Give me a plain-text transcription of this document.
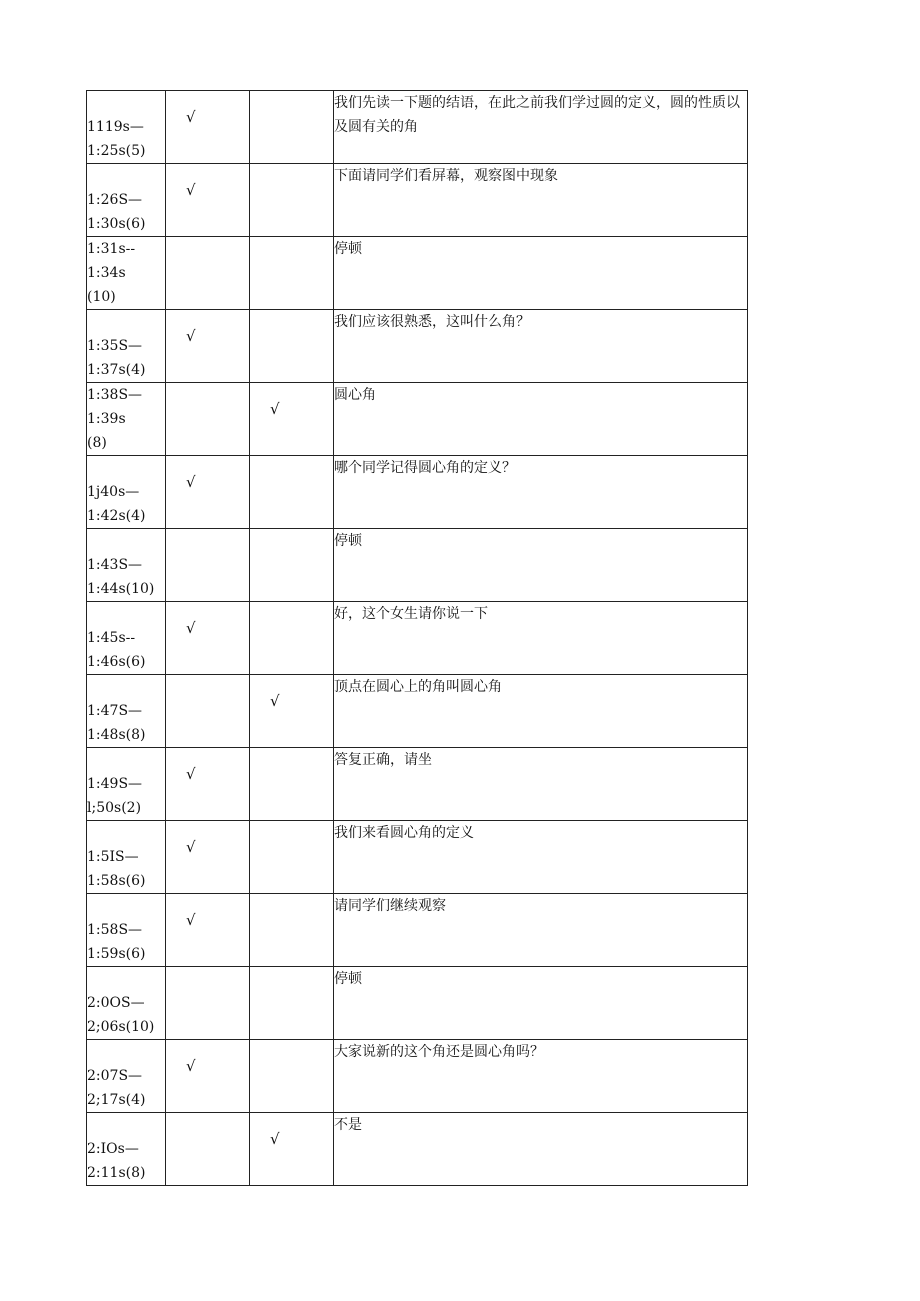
1119s—
1:25s(5)	√		我们先读一下题的结语，在此之前我们学过圆的定义，圆的性质以及圆有关的角

1:26S—
1:30s(6)	√		下面请同学们看屏幕，观察图中现象

1:31s--
1:34s
(10)			停顿

1:35S—
1:37s(4)	√		我们应该很熟悉，这叫什么角？

1:38S—
1:39s
(8)		√	圆心角

1j40s—
1:42s(4)	√		哪个同学记得圆心角的定义？

1:43S—
1:44s(10)			停顿

1:45s--
1:46s(6)	√		好，这个女生请你说一下

1:47S—
1:48s(8)		√	顶点在圆心上的角叫圆心角

1:49S—
l;50s(2)	√		答复正确，请坐

1:5IS—
1:58s(6)	√		我们来看圆心角的定义

1:58S—
1:59s(6)	√		请同学们继续观察

2:0OS—
2;06s(10)			停顿

2:07S—
2;17s(4)	√		大家说新的这个角还是圆心角吗？

2:IOs—
2:11s(8)		√	不是
